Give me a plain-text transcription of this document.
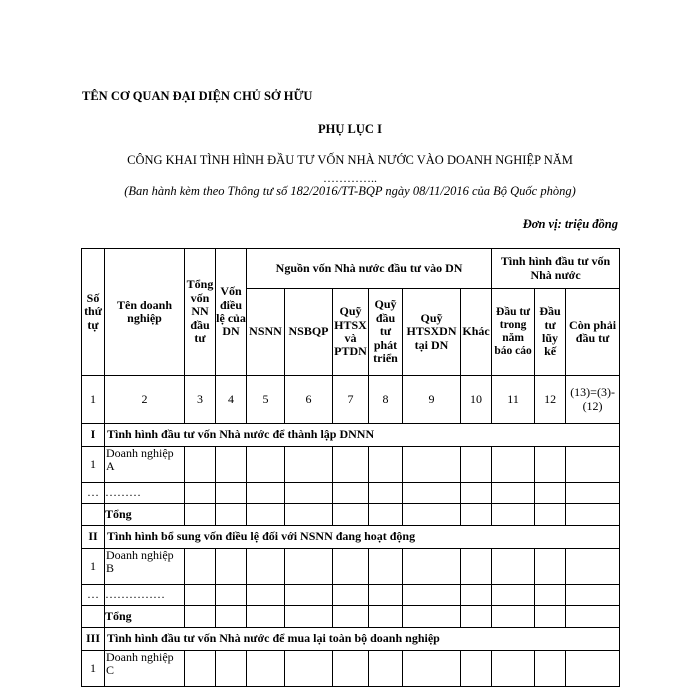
TÊN CƠ QUAN ĐẠI DIỆN CHỦ SỞ HỮU
PHỤ LỤC I
CÔNG KHAI TÌNH HÌNH ĐẦU TƯ VỐN NHÀ NƯỚC VÀO DOANH NGHIỆP NĂM
…………..
(Ban hành kèm theo Thông tư số 182/2016/TT-BQP ngày 08/11/2016 của Bộ Quốc phòng)
Đơn vị: triệu đồng
Số thứ tự	Tên doanh nghiệp	Tổng vốn NN đầu tư	Vốn điều lệ của DN	Nguồn vốn Nhà nước đầu tư vào DN						Tình hình đầu tư vốn Nhà nước		
				NSNN	NSBQP	Quỹ HTSX và PTDN	Quỹ đầu tư phát triển	Quỹ HTSXDN tại DN	Khác	Đầu tư trong năm báo cáo	Đầu tư lũy kế	Còn phải đầu tư
1	2	3	4	5	6	7	8	9	10	11	12	(13)=(3)-(12)
I	Tình hình đầu tư vốn Nhà nước để thành lập DNNN											
1	Doanh nghiệp A											
…	………											
	Tổng											
II	Tình hình bổ sung vốn điều lệ đối với NSNN đang hoạt động											
1	Doanh nghiệp B											
…	……………											
	Tổng											
III	Tình hình đầu tư vốn Nhà nước để mua lại toàn bộ doanh nghiệp											
1	Doanh nghiệp C											
